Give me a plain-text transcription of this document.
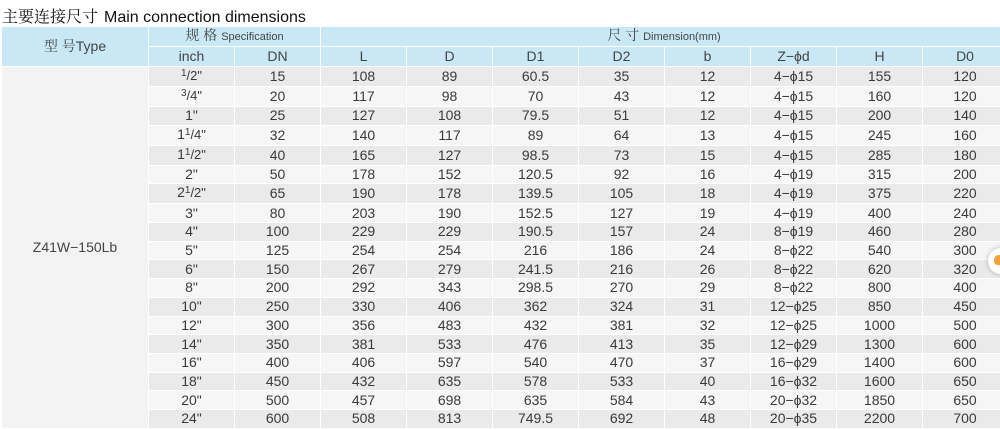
主要连接尺寸 Main connection dimensions
型 号Type	规 格 Specification		尺 寸 Dimension(mm)							
	inch	DN	L	D	D1	D2	b	Z−ϕd	H	D0
Z41W−150Lb	$^1$/2"	15	108	89	60.5	35	12	4−ϕ15	155	120
	$^3$/4"	20	117	98	70	43	12	4−ϕ15	160	120
	1"	25	127	108	79.5	51	12	4−ϕ15	200	140
	$1^1/4$"	32	140	117	89	64	13	4−ϕ15	245	160
	$1^1/2$"	40	165	127	98.5	73	15	4−ϕ15	285	180
	2"	50	178	152	120.5	92	16	4−ϕ19	315	200
	$2^1/2$"	65	190	178	139.5	105	18	4−ϕ19	375	220
	3"	80	203	190	152.5	127	19	4−ϕ19	400	240
	4"	100	229	229	190.5	157	24	8−ϕ19	460	280
	5"	125	254	254	216	186	24	8−ϕ22	540	300
	6"	150	267	279	241.5	216	26	8−ϕ22	620	320
	8"	200	292	343	298.5	270	29	8−ϕ22	800	400
	10"	250	330	406	362	324	31	12−ϕ25	850	450
	12"	300	356	483	432	381	32	12−ϕ25	1000	500
	14"	350	381	533	476	413	35	12−ϕ29	1300	600
	16"	400	406	597	540	470	37	16−ϕ29	1400	600
	18"	450	432	635	578	533	40	16−ϕ32	1600	650
	20"	500	457	698	635	584	43	20−ϕ32	1850	650
	24"	600	508	813	749.5	692	48	20−ϕ35	2200	700
